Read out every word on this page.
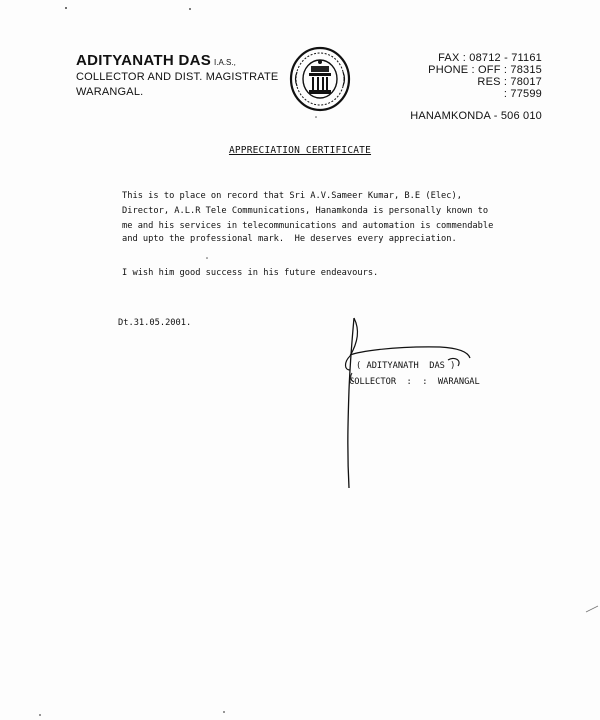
ADITYANATH DAS I.A.S.,
COLLECTOR AND DIST. MAGISTRATE
WARANGAL.
FAX : 08712 - 71161
PHONE : OFF : 78315
RES : 78017
: 77599
HANAMKONDA - 506 010
APPRECIATION CERTIFICATE
This is to place on record that Sri A.V.Sameer Kumar, B.E (Elec),
Director, A.L.R Tele Communications, Hanamkonda is personally known to
me and his services in telecommunications and automation is commendable
and upto the professional mark.  He deserves every appreciation.
I wish him good success in his future endeavours.
Dt.31.05.2001.
( ADITYANATH  DAS )
COLLECTOR  :  :  WARANGAL
